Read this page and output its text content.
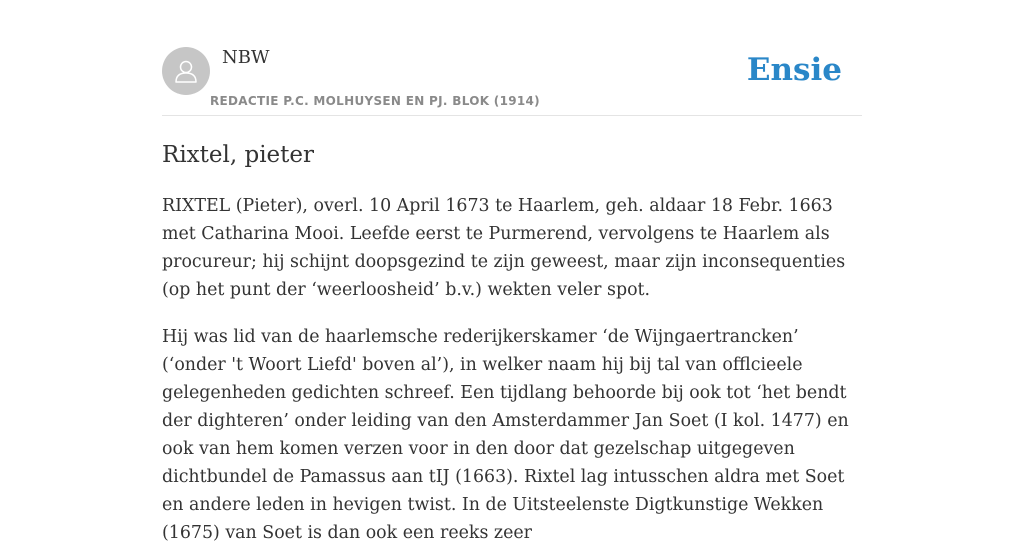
NBW
REDACTIE P.C. MOLHUYSEN EN PJ. BLOK (1914)
Ensie
Rixtel, pieter

RIXTEL (Pieter), overl. 10 April 1673 te Haarlem, geh. aldaar 18 Febr. 1663 met Catharina Mooi. Leefde eerst te Purmerend, vervolgens te Haarlem als procureur; hij schijnt doopsgezind te zijn geweest, maar zijn inconsequenties (op het punt der ‘weerloosheid’ b.v.) wekten veler spot.

Hij was lid van de haarlemsche rederijkerskamer ‘de Wijngaertrancken’ (‘onder 't Woort Liefd' boven al’), in welker naam hij bij tal van offlcieele gelegenheden gedichten schreef. Een tijdlang behoorde bij ook tot ‘het bendt der dighteren’ onder leiding van den Amsterdammer Jan Soet (I kol. 1477) en ook van hem komen verzen voor in den door dat gezelschap uitgegeven dichtbundel de Pamassus aan tIJ (1663). Rixtel lag intusschen aldra met Soet en andere leden in hevigen twist. In de Uitsteelenste Digtkunstige Wekken (1675) van Soet is dan ook een reeks zeer
